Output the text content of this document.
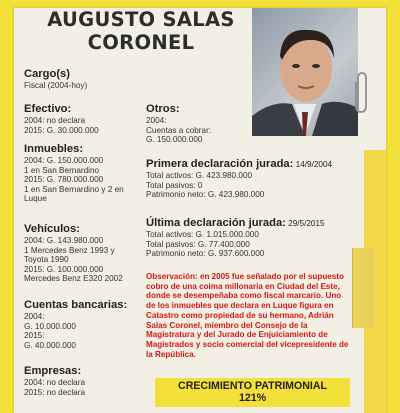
AUGUSTO SALAS
CORONEL
Cargo(s)
Fiscal (2004-hoy)
Efectivo:
2004: no declara
2015: G. 30.000.000
Inmuebles:
2004: G. 150.000.000
1 en San Bernardino
2015: G. 780.000.000
1 en San Bernardino y 2 en
Luque
Vehículos:
2004: G. 143.980.000
1 Mercedes Benz 1993 y
Toyota 1990
2015: G. 100.000.000
Mercedes Benz E320 2002
Cuentas bancarias:
2004:
G. 10.000.000
2015:
G. 40.000.000
Empresas:
2004: no declara
2015: no declara
Otros:
2004:
Cuentas a cobrar:
G. 150.000.000
Primera declaración jurada: 14/9/2004
Total activos: G. 423.980.000
Total pasivos: 0
Patrimonio neto: G. 423.980.000
Última declaración jurada: 29/5/2015
Total activos: G. 1.015.000.000
Total pasivos: G. 77.400.000
Patrimonio neto: G. 937.600.000
Observación: en 2005 fue señalado por el supuesto cobro de una coima millonaria en Ciudad del Este, donde se desempeñaba como fiscal marcario. Uno de los inmuebles que declara en Luque figura en Catastro como propiedad de su hermano, Adrián Salas Coronel, miembro del Consejo de la Magistratura y del Jurado de Enjuiciamiento de Magistrados y socio comercial del vicepresidente de la República.
CRECIMIENTO PATRIMONIAL
121%
